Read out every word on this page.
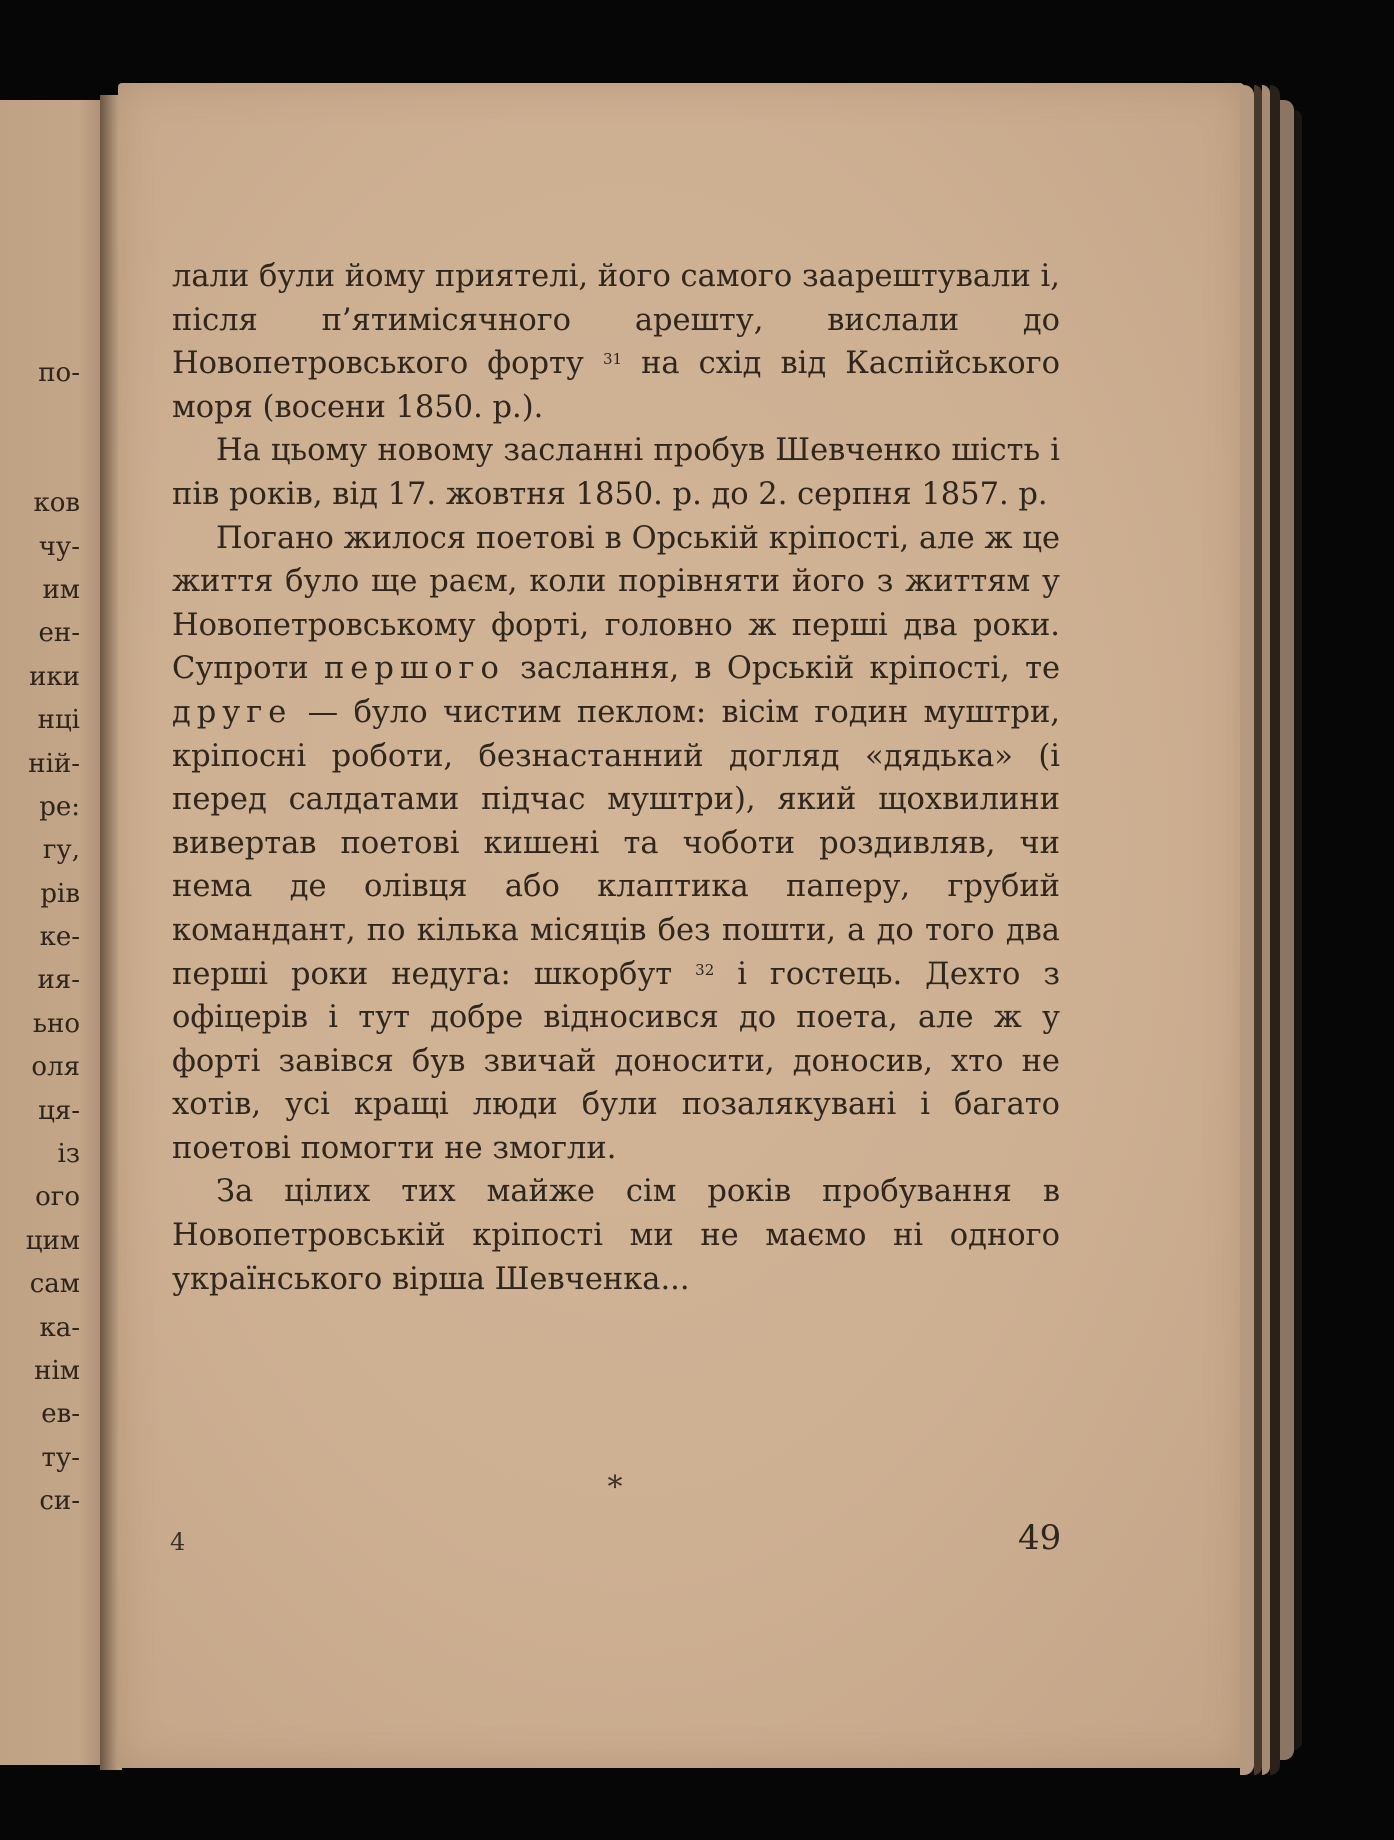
по-
ков
чу-
им
ен-
ики
нці
ній-
ре:
гу,
рів
ке-
ия-
ьно
оля
ця-
із
ого
цим
сам
ка-
нім
ев-
ту-
си-

лали були йому приятелі, його самого заарештували і, після п’ятимісячного арешту, вислали до Новопетровського форту $^{31}$ на схід від Каспійського моря (восени 1850. р.).

На цьому новому засланні пробув Шевченко шість і пів років, від 17. жовтня 1850. р. до 2. серпня 1857. р.

Погано жилося поетові в Орській кріпості, але ж це життя було ще раєм, коли порівняти його з життям у Новопетровському форті, головно ж перші два роки. Супроти першого заслання, в Орській кріпості, те друге — було чистим пеклом: вісім годин муштри, кріпосні роботи, безнастанний догляд «дядька» (і перед салдатами підчас муштри), який щохвилини вивертав поетові кишені та чоботи роздивляв, чи нема де олівця або клаптика паперу, грубий командант, по кілька місяців без пошти, а до того два перші роки недуга: шкорбут $^{32}$ і гостець. Дехто з офіцерів і тут добре відносився до поета, але ж у форті завівся був звичай доносити, доносив, хто не хотів, усі кращі люди були позалякувані і багато поетові помогти не змогли.

За цілих тих майже сім років пробування в Новопетровській кріпості ми не маємо ні одного українського вірша Шевченка...

*
4	49
